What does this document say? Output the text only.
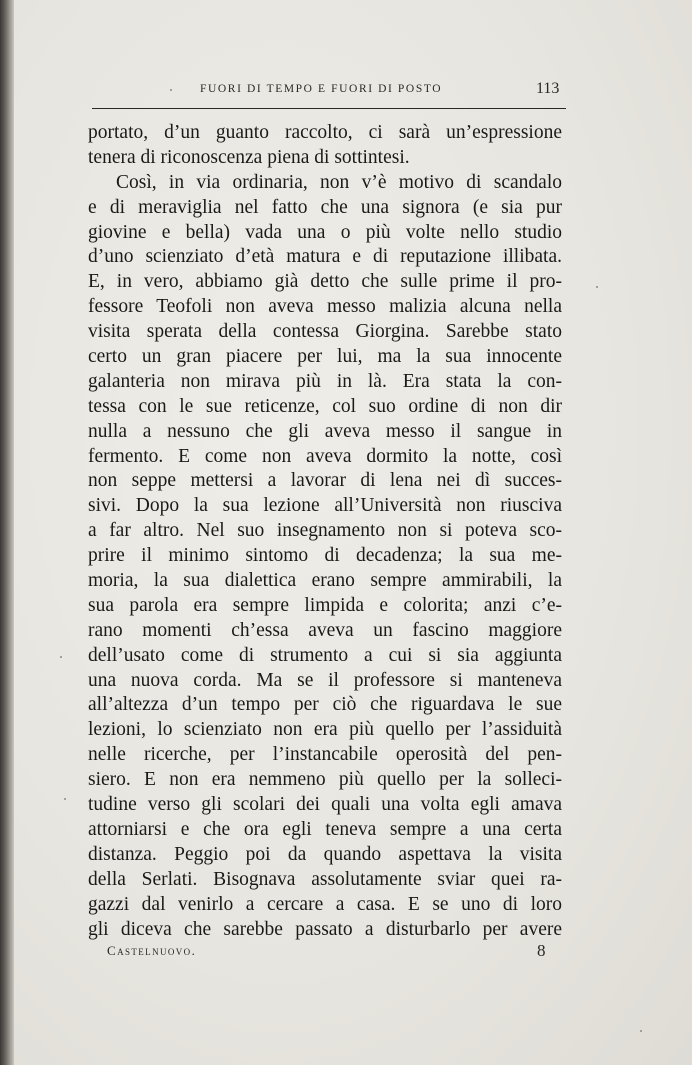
FUORI DI TEMPO E FUORI DI POSTO	113
portato, d’un guanto raccolto, ci sarà un’espressione
tenera di riconoscenza piena di sottintesi.
Così, in via ordinaria, non v’è motivo di scandalo
e di meraviglia nel fatto che una signora (e sia pur
giovine e bella) vada una o più volte nello studio
d’uno scienziato d’età matura e di reputazione illibata.
E, in vero, abbiamo già detto che sulle prime il pro-
fessore Teofoli non aveva messo malizia alcuna nella
visita sperata della contessa Giorgina. Sarebbe stato
certo un gran piacere per lui, ma la sua innocente
galanteria non mirava più in là. Era stata la con-
tessa con le sue reticenze, col suo ordine di non dir
nulla a nessuno che gli aveva messo il sangue in
fermento. E come non aveva dormito la notte, così
non seppe mettersi a lavorar di lena nei dì succes-
sivi. Dopo la sua lezione all’Università non riusciva
a far altro. Nel suo insegnamento non si poteva sco-
prire il minimo sintomo di decadenza; la sua me-
moria, la sua dialettica erano sempre ammirabili, la
sua parola era sempre limpida e colorita; anzi c’e-
rano momenti ch’essa aveva un fascino maggiore
dell’usato come di strumento a cui si sia aggiunta
una nuova corda. Ma se il professore si manteneva
all’altezza d’un tempo per ciò che riguardava le sue
lezioni, lo scienziato non era più quello per l’assiduità
nelle ricerche, per l’instancabile operosità del pen-
siero. E non era nemmeno più quello per la solleci-
tudine verso gli scolari dei quali una volta egli amava
attorniarsi e che ora egli teneva sempre a una certa
distanza. Peggio poi da quando aspettava la visita
della Serlati. Bisognava assolutamente sviar quei ra-
gazzi dal venirlo a cercare a casa. E se uno di loro
gli diceva che sarebbe passato a disturbarlo per avere
Castelnuovo.	8
